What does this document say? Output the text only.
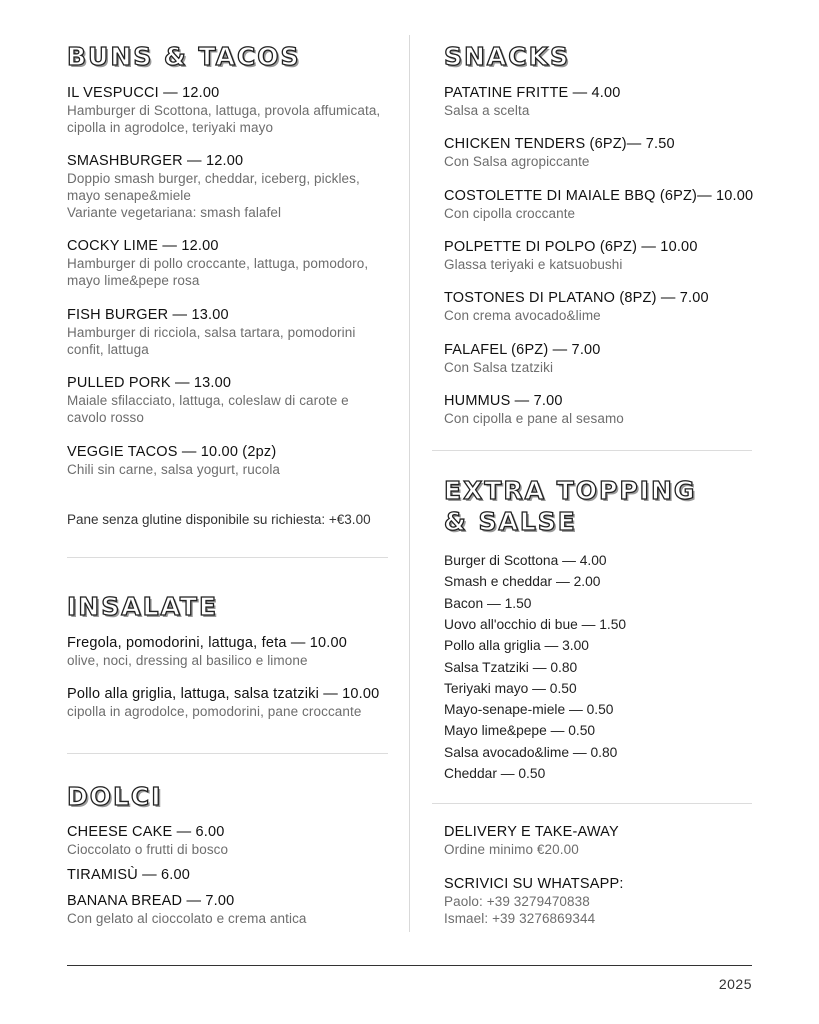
BUNS & TACOS
IL VESPUCCI — 12.00
Hamburger di Scottona, lattuga, provola affumicata,
cipolla in agrodolce, teriyaki mayo
SMASHBURGER — 12.00
Doppio smash burger, cheddar, iceberg, pickles,
mayo senape&miele
Variante vegetariana: smash falafel
COCKY LIME — 12.00
Hamburger di pollo croccante, lattuga, pomodoro,
mayo lime&pepe rosa
FISH BURGER — 13.00
Hamburger di ricciola, salsa tartara, pomodorini
confit, lattuga
PULLED PORK — 13.00
Maiale sfilacciato, lattuga, coleslaw di carote e
cavolo rosso
VEGGIE TACOS — 10.00 (2pz)
Chili sin carne, salsa yogurt, rucola
Pane senza glutine disponibile su richiesta: +€3.00
INSALATE
Fregola, pomodorini, lattuga, feta — 10.00
olive, noci, dressing al basilico e limone
Pollo alla griglia, lattuga, salsa tzatziki — 10.00
cipolla in agrodolce, pomodorini, pane croccante
DOLCI
CHEESE CAKE — 6.00
Cioccolato o frutti di bosco
TIRAMISÙ — 6.00
BANANA BREAD — 7.00
Con gelato al cioccolato e crema antica
SNACKS
PATATINE FRITTE — 4.00
Salsa a scelta
CHICKEN TENDERS (6PZ)— 7.50
Con Salsa agropiccante
COSTOLETTE DI MAIALE BBQ (6PZ)— 10.00
Con cipolla croccante
POLPETTE DI POLPO (6PZ) — 10.00
Glassa teriyaki e katsuobushi
TOSTONES DI PLATANO (8PZ) — 7.00
Con crema avocado&lime
FALAFEL (6PZ) — 7.00
Con Salsa tzatziki
HUMMUS — 7.00
Con cipolla e pane al sesamo
EXTRA TOPPING
& SALSE
Burger di Scottona — 4.00
Smash e cheddar — 2.00
Bacon — 1.50
Uovo all'occhio di bue — 1.50
Pollo alla griglia — 3.00
Salsa Tzatziki — 0.80
Teriyaki mayo — 0.50
Mayo-senape-miele — 0.50
Mayo lime&pepe — 0.50
Salsa avocado&lime — 0.80
Cheddar — 0.50
DELIVERY E TAKE-AWAY
Ordine minimo €20.00
SCRIVICI SU WHATSAPP:
Paolo: +39 3279470838
Ismael: +39 3276869344
2025
